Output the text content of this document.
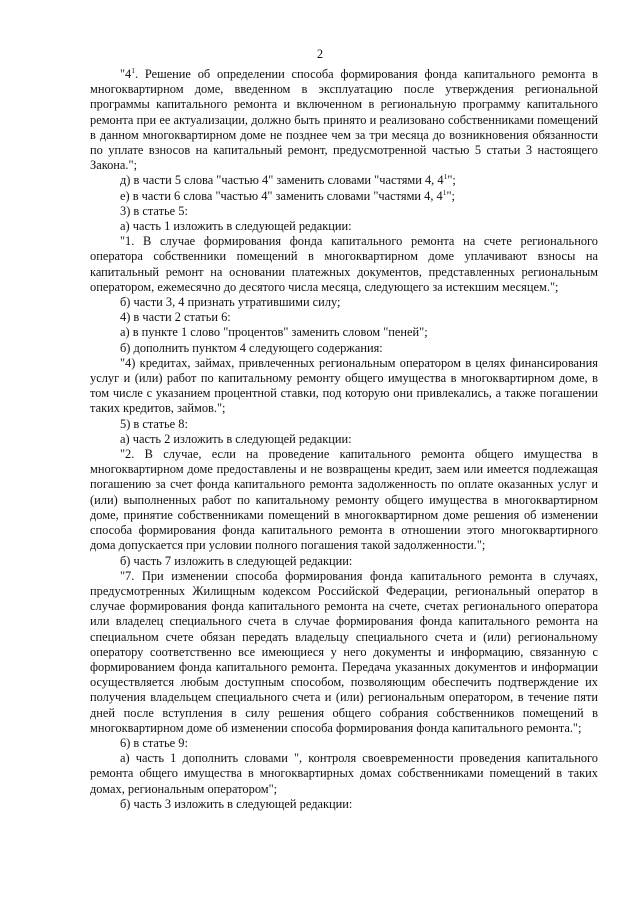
2

"$4^1$. Решение об определении способа формирования фонда капитального ремонта в многоквартирном доме, введенном в эксплуатацию после утверждения региональной программы капитального ремонта и включенном в региональную программу капитального ремонта при ее актуализации, должно быть принято и реализовано собственниками помещений в данном многоквартирном доме не позднее чем за три месяца до возникновения обязанности по уплате взносов на капитальный ремонт, предусмотренной частью 5 статьи 3 настоящего Закона.";

д) в части 5 слова "частью 4" заменить словами "частями 4, $4^1$";

е) в части 6 слова "частью 4" заменить словами "частями 4, $4^1$";

3) в статье 5:

а) часть 1 изложить в следующей редакции:

"1. В случае формирования фонда капитального ремонта на счете регионального оператора собственники помещений в многоквартирном доме уплачивают взносы на капитальный ремонт на основании платежных документов, представленных региональным оператором, ежемесячно до десятого числа месяца, следующего за истекшим месяцем.";

б) части 3, 4 признать утратившими силу;

4) в части 2 статьи 6:

а) в пункте 1 слово "процентов" заменить словом "пеней";

б) дополнить пунктом 4 следующего содержания:

"4) кредитах, займах, привлеченных региональным оператором в целях финансирования услуг и (или) работ по капитальному ремонту общего имущества в многоквартирном доме, в том числе с указанием процентной ставки, под которую они привлекались, а также погашении таких кредитов, займов.";

5) в статье 8:

а) часть 2 изложить в следующей редакции:

"2. В случае, если на проведение капитального ремонта общего имущества в многоквартирном доме предоставлены и не возвращены кредит, заем или имеется подлежащая погашению за счет фонда капитального ремонта задолженность по оплате оказанных услуг и (или) выполненных работ по капитальному ремонту общего имущества в многоквартирном доме, принятие собственниками помещений в многоквартирном доме решения об изменении способа формирования фонда капитального ремонта в отношении этого многоквартирного дома допускается при условии полного погашения такой задолженности.";

б) часть 7 изложить в следующей редакции:

"7. При изменении способа формирования фонда капитального ремонта в случаях, предусмотренных Жилищным кодексом Российской Федерации, региональный оператор в случае формирования фонда капитального ремонта на счете, счетах регионального оператора или владелец специального счета в случае формирования фонда капитального ремонта на специальном счете обязан передать владельцу специального счета и (или) региональному оператору соответственно все имеющиеся у него документы и информацию, связанную с формированием фонда капитального ремонта. Передача указанных документов и информации осуществляется любым доступным способом, позволяющим обеспечить подтверждение их получения владельцем специального счета и (или) региональным оператором, в течение пяти дней после вступления в силу решения общего собрания собственников помещений в многоквартирном доме об изменении способа формирования фонда капитального ремонта.";

6) в статье 9:

а) часть 1 дополнить словами ", контроля своевременности проведения капитального ремонта общего имущества в многоквартирных домах собственниками помещений в таких домах, региональным оператором";

б) часть 3 изложить в следующей редакции:
